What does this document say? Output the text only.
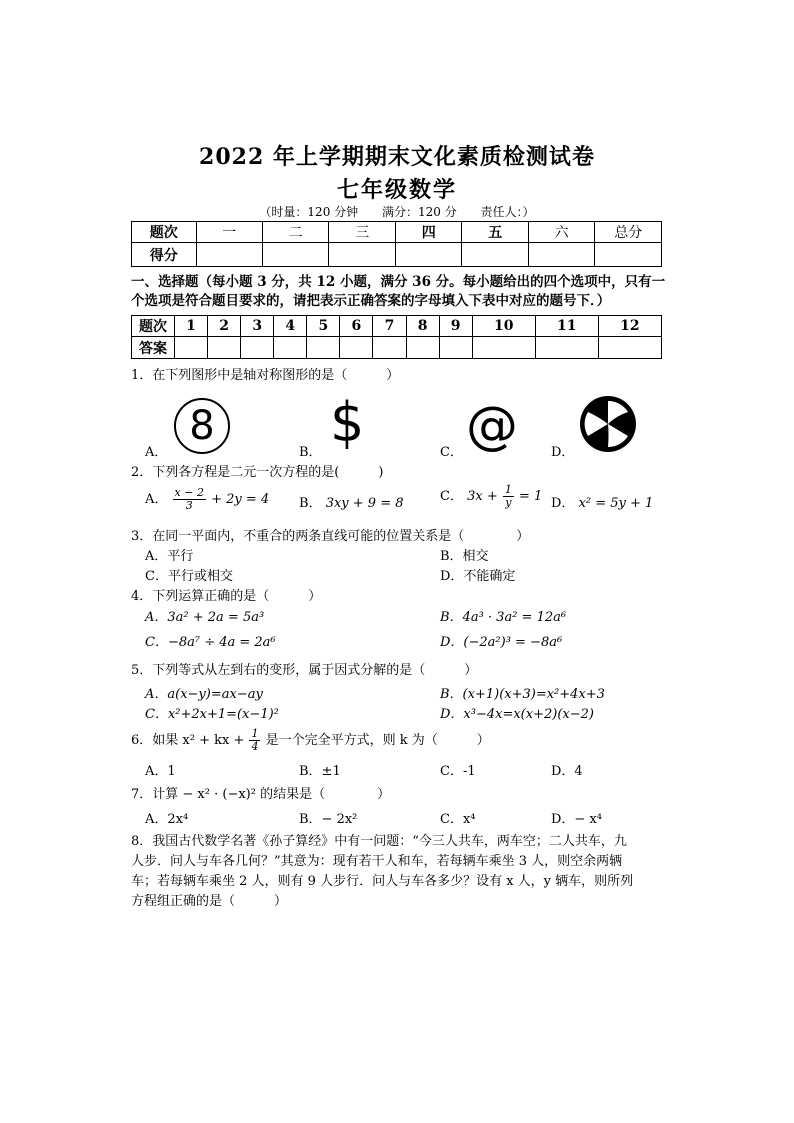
2022 年上学期期末文化素质检测试卷
七年级数学
（时量：120 分钟 满分：120 分 责任人：）
题次	一	二	三	四	五	六	总分
得分							
一、选择题（每小题 3 分，共 12 小题，满分 36 分。每小题给出的四个选项中，只有一
个选项是符合题目要求的，请把表示正确答案的字母填入下表中对应的题号下．）
题次	1	2	3	4	5	6	7	8	9	10	11	12
答案												
1．在下列图形中是轴对称图形的是（　　　）
A．
8
B． $	C． @	D．
2．下列各方程是二元一次方程的是(　　　)
A． $\frac{x - 2}{3} + 2y = 4$ B． 3xy + 9 = 8	C． $3x + \frac{1}{y} = 1$ D． x² = 5y + 1
3．在同一平面内，不重合的两条直线可能的位置关系是（　　　　）
A．平行	B．相交
C．平行或相交	D．不能确定
4．下列运算正确的是（　　　）
A．3a² + 2a = 5a³	B．4a³ · 3a² = 12a⁶
C．−8a⁷ ÷ 4a = 2a⁶	D．(−2a²)³ = −8a⁶
5．下列等式从左到右的变形，属于因式分解的是（　　　）
A．a(x−y)=ax−ay	B．(x+1)(x+3)=x²+4x+3
C．x²+2x+1=(x−1)²	D．x³−4x=x(x+2)(x−2)
6．如果 x² + kx + $\frac{1}{4}$ 是一个完全平方式，则 k 为（　　　）
A．1	B．±1	C．-1	D．4
7．计算 − x² · (−x)² 的结果是（　　　　）
A．2x⁴	B．− 2x²	C．x⁴	D．− x⁴
8．我国古代数学名著《孙子算经》中有一问题：“今三人共车，两车空；二人共车，九
人步．问人与车各几何？”其意为：现有若干人和车，若每辆车乘坐 3 人，则空余两辆
车；若每辆车乘坐 2 人，则有 9 人步行．问人与车各多少？设有 x 人，y 辆车，则所列
方程组正确的是（　　　）
